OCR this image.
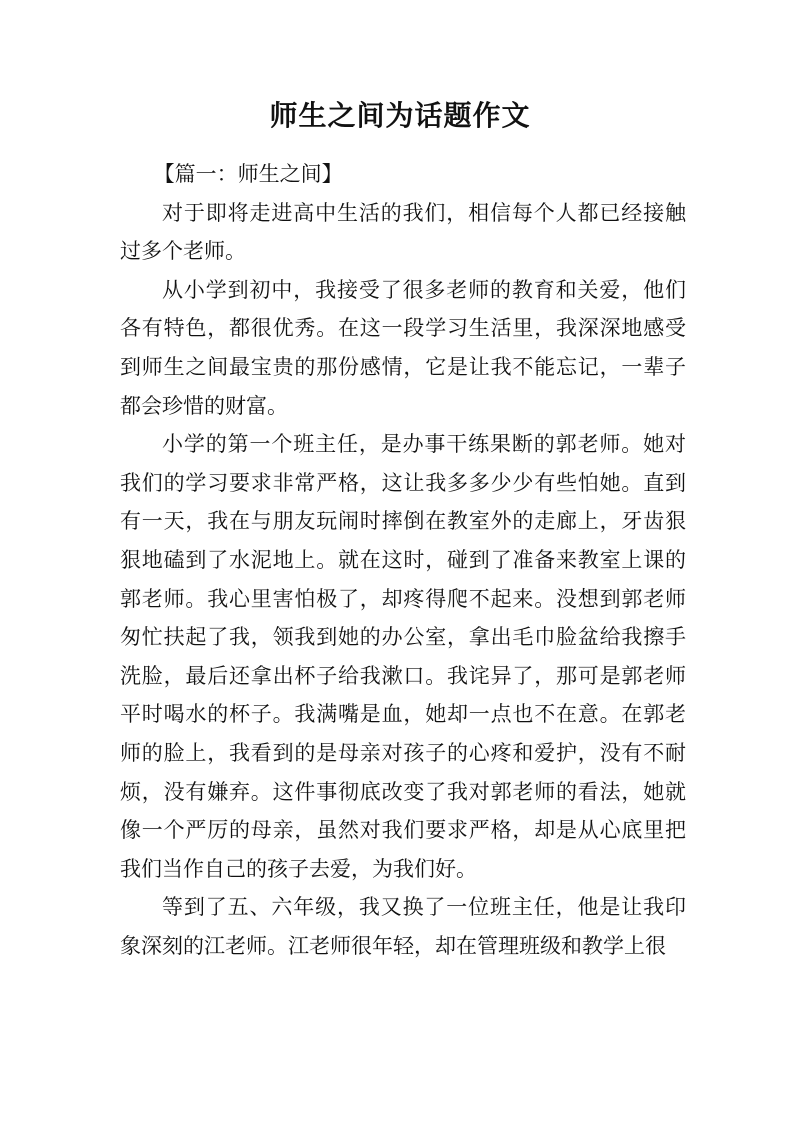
师生之间为话题作文

【篇一：师生之间】

对于即将走进高中生活的我们，相信每个人都已经接触过多个老师。

从小学到初中，我接受了很多老师的教育和关爱，他们各有特色，都很优秀。在这一段学习生活里，我深深地感受到师生之间最宝贵的那份感情，它是让我不能忘记，一辈子都会珍惜的财富。

小学的第一个班主任，是办事干练果断的郭老师。她对我们的学习要求非常严格，这让我多多少少有些怕她。直到有一天，我在与朋友玩闹时摔倒在教室外的走廊上，牙齿狠狠地磕到了水泥地上。就在这时，碰到了准备来教室上课的郭老师。我心里害怕极了，却疼得爬不起来。没想到郭老师匆忙扶起了我，领我到她的办公室，拿出毛巾脸盆给我擦手洗脸，最后还拿出杯子给我漱口。我诧异了，那可是郭老师平时喝水的杯子。我满嘴是血，她却一点也不在意。在郭老师的脸上，我看到的是母亲对孩子的心疼和爱护，没有不耐烦，没有嫌弃。这件事彻底改变了我对郭老师的看法，她就像一个严厉的母亲，虽然对我们要求严格，却是从心底里把我们当作自己的孩子去爱，为我们好。

等到了五、六年级，我又换了一位班主任，他是让我印象深刻的江老师。江老师很年轻，却在管理班级和教学上很
